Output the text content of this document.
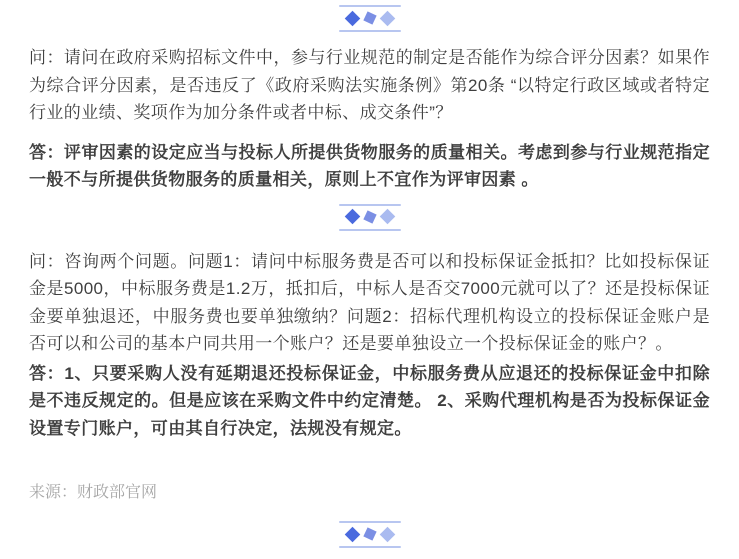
问：请问在政府采购招标文件中，参与行业规范的制定是否能作为综合评分因素？如果作为综合评分因素，是否违反了《政府采购法实施条例》第20条 “以特定行政区域或者特定行业的业绩、奖项作为加分条件或者中标、成交条件”？

答：评审因素的设定应当与投标人所提供货物服务的质量相关。考虑到参与行业规范指定一般不与所提供货物服务的质量相关，原则上不宜作为评审因素 。

问：咨询两个问题。问题1：请问中标服务费是否可以和投标保证金抵扣？比如投标保证金是5000，中标服务费是1.2万，抵扣后，中标人是否交7000元就可以了？还是投标保证金要单独退还，中服务费也要单独缴纳？问题2：招标代理机构设立的投标保证金账户是否可以和公司的基本户同共用一个账户？还是要单独设立一个投标保证金的账户？。

答：1、只要采购人没有延期退还投标保证金，中标服务费从应退还的投标保证金中扣除是不违反规定的。但是应该在采购文件中约定清楚。 2、采购代理机构是否为投标保证金设置专门账户，可由其自行决定，法规没有规定。

来源：财政部官网
